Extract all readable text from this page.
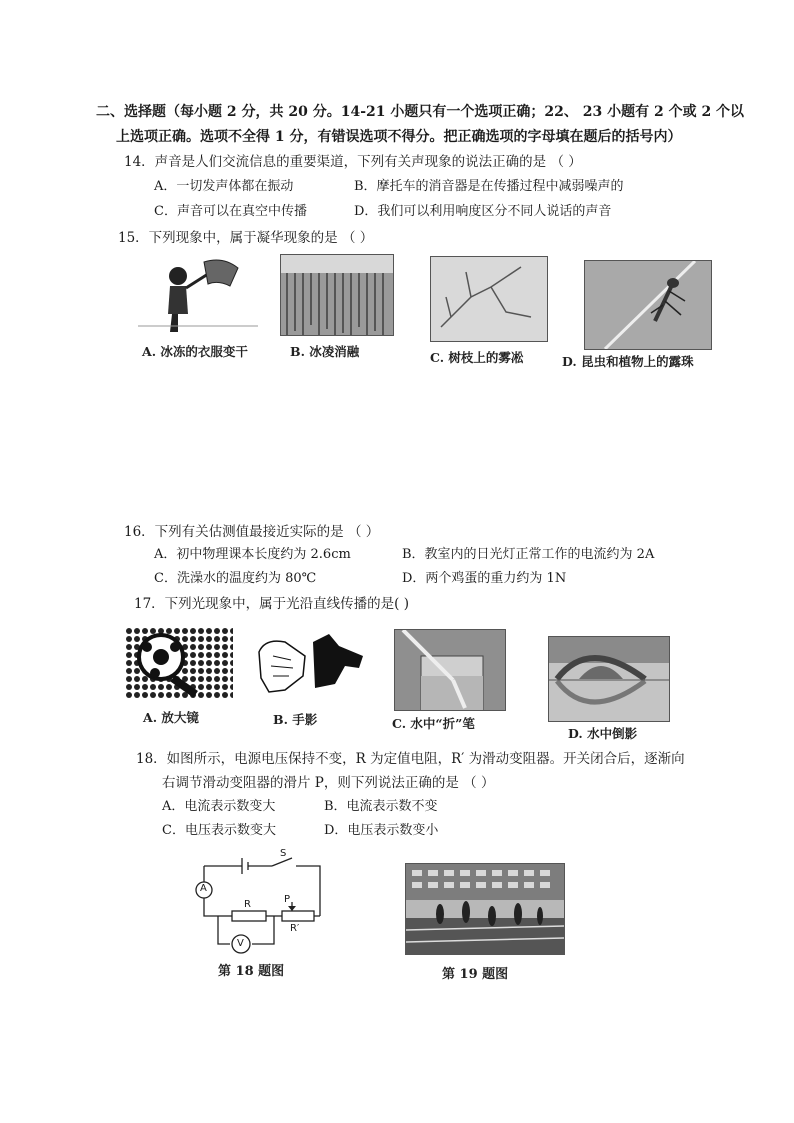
二、选择题（每小题 2 分，共 20 分。14-21 小题只有一个选项正确；22、 23 小题有 2 个或 2 个以
上选项正确。选项不全得 1 分，有错误选项不得分。把正确选项的字母填在题后的括号内）
14．声音是人们交流信息的重要渠道，下列有关声现象的说法正确的是 （ ）
A．一切发声体都在振动	B．摩托车的消音器是在传播过程中减弱噪声的
C．声音可以在真空中传播	D．我们可以利用响度区分不同人说话的声音
15．下列现象中，属于凝华现象的是 （ ）
A. 冰冻的衣服变干	B. 冰凌消融	C. 树枝上的雾凇	D. 昆虫和植物上的露珠
16．下列有关估测值最接近实际的是 （ ）
A．初中物理课本长度约为 2.6cm	B．教室内的日光灯正常工作的电流约为 2A
C．洗澡水的温度约为 80℃	D．两个鸡蛋的重力约为 1N
17．下列光现象中，属于光沿直线传播的是( )
A. 放大镜	B. 手影	C. 水中“折”笔
D. 水中倒影
18．如图所示，电源电压保持不变，R 为定值电阻，R′ 为滑动变阻器。开关闭合后，逐渐向
右调节滑动变阻器的滑片 P，则下列说法正确的是 （ ）
A．电流表示数变大	B．电流表示数不变
C．电压表示数变大	D．电压表示数变小
A
S
R	P
R′
V
第 18 题图	第 19 题图
